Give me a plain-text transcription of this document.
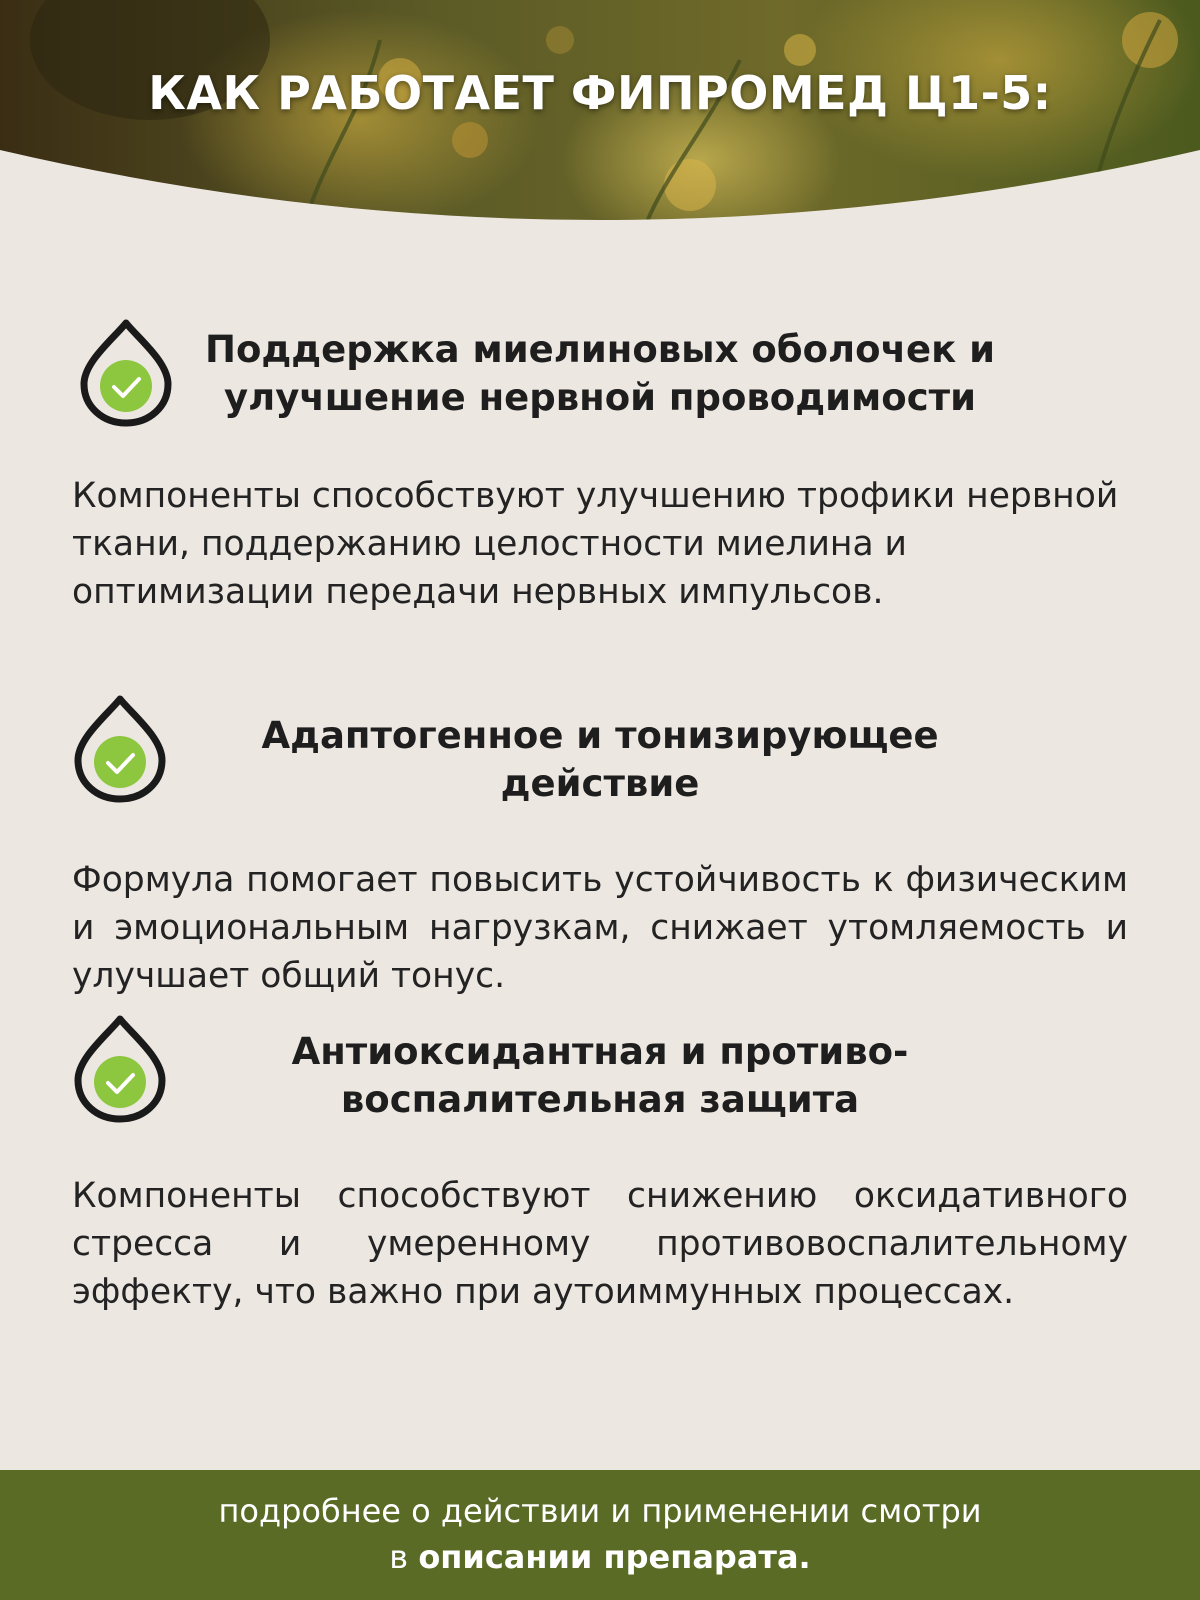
КАК РАБОТАЕТ ФИПРОМЕД Ц1-5:
Поддержка миелиновых оболочек и
улучшение нервной проводимости
Компоненты способствуют улучшению трофики нервной ткани, поддержанию целостности миелина и оптимизации передачи нервных импульсов.
Адаптогенное и тонизирующее
действие
Формула помогает повысить устойчивость к физическим и эмоциональным нагрузкам, снижает утомляемость и улучшает общий тонус.
Антиоксидантная и противо-
воспалительная защита
Компоненты способствуют снижению оксидативного стресса и умеренному противовоспалительному эффекту, что важно при аутоиммунных процессах.
подробнее о действии и применении смотри
в описании препарата.
